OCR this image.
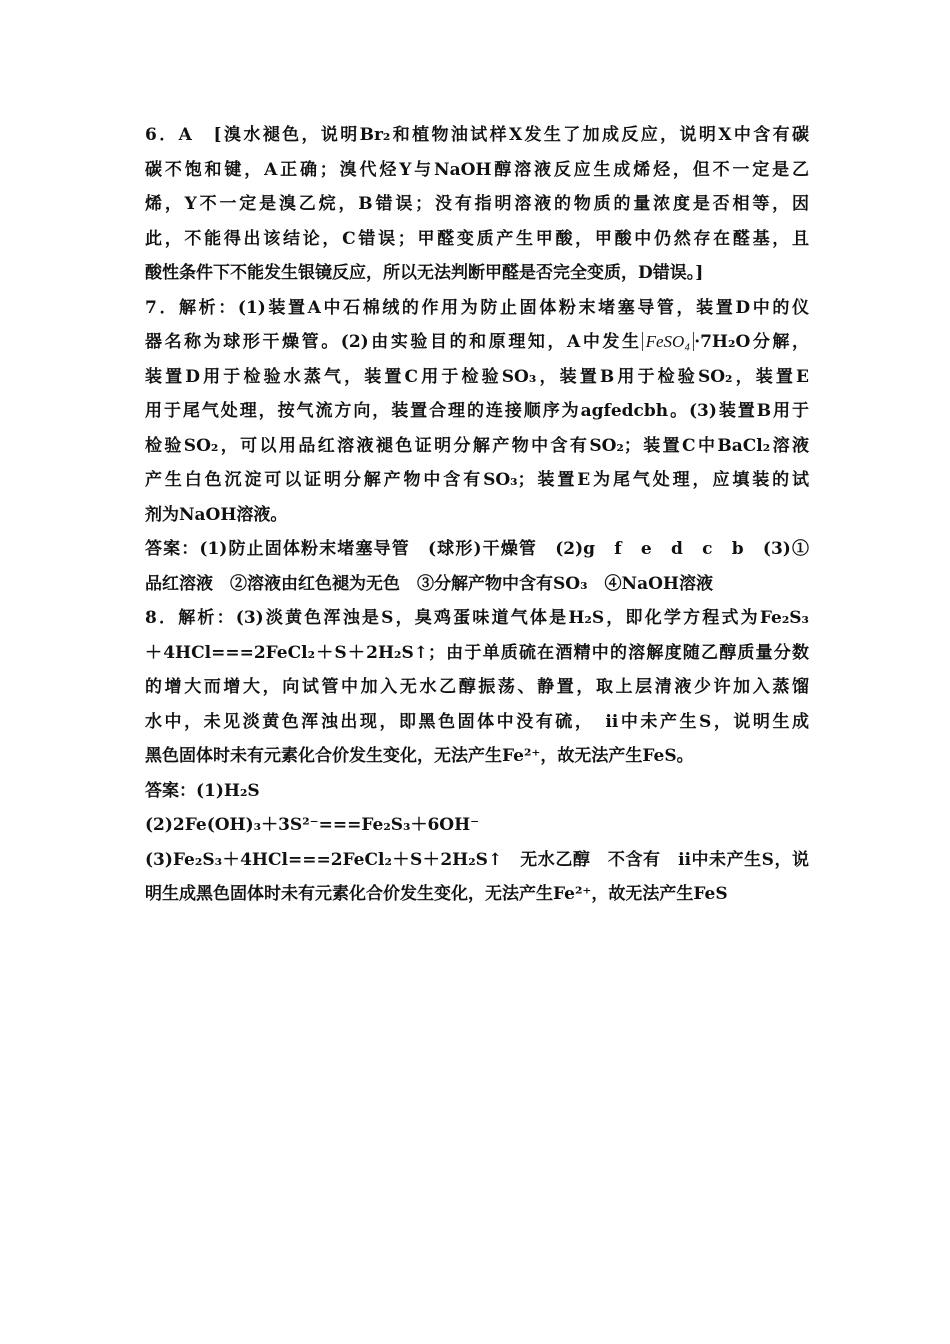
6．A　[溴水褪色，说明Br₂和植物油试样X发生了加成反应，说明X中含有碳
碳不饱和键，A正确；溴代烃Y与NaOH醇溶液反应生成烯烃，但不一定是乙
烯，Y不一定是溴乙烷，B错误；没有指明溶液的物质的量浓度是否相等，因
此，不能得出该结论，C错误；甲醛变质产生甲酸，甲酸中仍然存在醛基，且
酸性条件下不能发生银镜反应，所以无法判断甲醛是否完全变质，D错误。]
7．解析：(1)装置A中石棉绒的作用为防止固体粉末堵塞导管，装置D中的仪
器名称为球形干燥管。(2)由实验目的和原理知，A中发生 FeSO₄ ·7H₂O分解，
装置D用于检验水蒸气，装置C用于检验SO₃，装置B用于检验SO₂，装置E
用于尾气处理，按气流方向，装置合理的连接顺序为agfedcbh。(3)装置B用于
检验SO₂，可以用品红溶液褪色证明分解产物中含有SO₂；装置C中BaCl₂溶液
产生白色沉淀可以证明分解产物中含有SO₃；装置E为尾气处理，应填装的试
剂为NaOH溶液。
答案：(1)防止固体粉末堵塞导管　(球形)干燥管　(2)g　f　e　d　c　b　(3)①
品红溶液　②溶液由红色褪为无色　③分解产物中含有SO₃　④NaOH溶液
8．解析：(3)淡黄色浑浊是S，臭鸡蛋味道气体是H₂S，即化学方程式为Fe₂S₃
＋4HCl===2FeCl₂＋S＋2H₂S↑；由于单质硫在酒精中的溶解度随乙醇质量分数
的增大而增大，向试管中加入无水乙醇振荡、静置，取上层清液少许加入蒸馏
水中，未见淡黄色浑浊出现，即黑色固体中没有硫，　ⅱ中未产生S，说明生成
黑色固体时未有元素化合价发生变化，无法产生Fe²⁺，故无法产生FeS。
答案：(1)H₂S
(2)2Fe(OH)₃＋3S²⁻===Fe₂S₃＋6OH⁻
(3)Fe₂S₃＋4HCl===2FeCl₂＋S＋2H₂S↑　无水乙醇　不含有　ⅱ中未产生S，说
明生成黑色固体时未有元素化合价发生变化，无法产生Fe²⁺，故无法产生FeS
